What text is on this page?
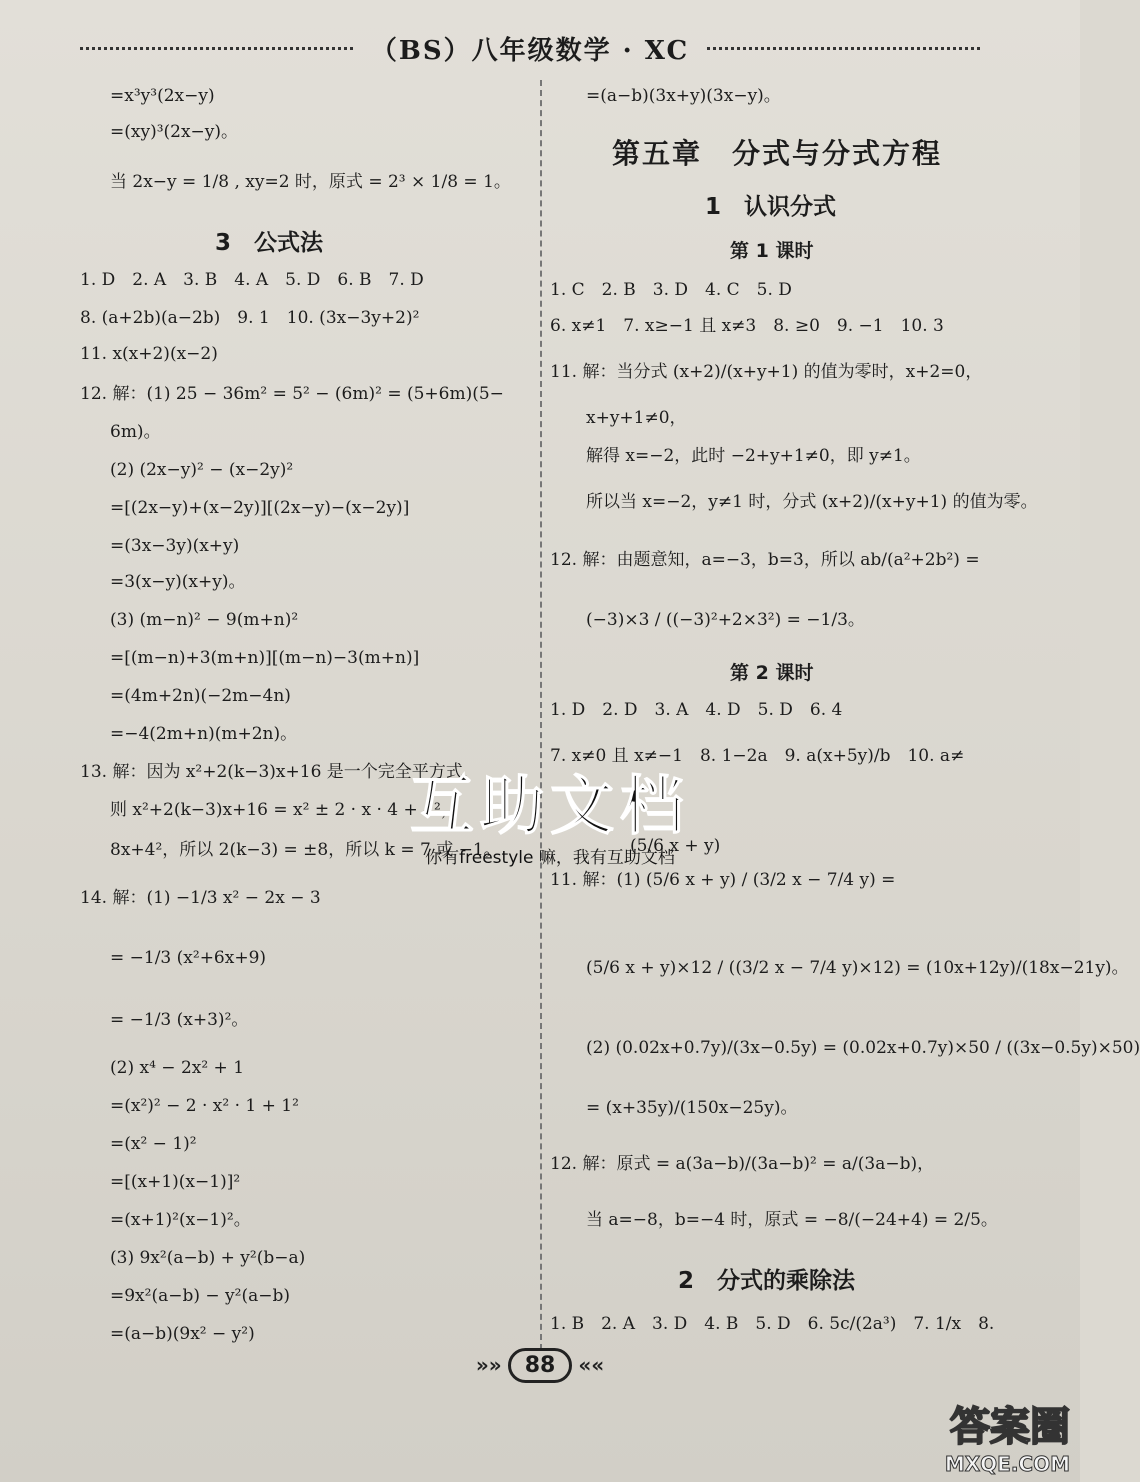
（BS）八年级数学 · XC
=x³y³(2x−y)
=(xy)³(2x−y)。
当 2x−y = 1/8 , xy=2 时，原式 = 2³ × 1/8 = 1。
3　公式法
1. D　2. A　3. B　4. A　5. D　6. B　7. D
8. (a+2b)(a−2b)　9. 1　10. (3x−3y+2)²
11. x(x+2)(x−2)
12. 解：(1) 25 − 36m² = 5² − (6m)² = (5+6m)(5−
6m)。
(2) (2x−y)² − (x−2y)²
=[(2x−y)+(x−2y)][(2x−y)−(x−2y)]
=(3x−3y)(x+y)
=3(x−y)(x+y)。
(3) (m−n)² − 9(m+n)²
=[(m−n)+3(m+n)][(m−n)−3(m+n)]
=(4m+2n)(−2m−4n)
=−4(2m+n)(m+2n)。
13. 解：因为 x²+2(k−3)x+16 是一个完全平方式，
则 x²+2(k−3)x+16 = x² ± 2 · x · 4 + 4²，
8x+4²，所以 2(k−3) = ±8，所以 k = 7 或 −1。
14. 解：(1) −1/3 x² − 2x − 3
= −1/3 (x²+6x+9)
= −1/3 (x+3)²。
(2) x⁴ − 2x² + 1
=(x²)² − 2 · x² · 1 + 1²
=(x² − 1)²
=[(x+1)(x−1)]²
=(x+1)²(x−1)²。
(3) 9x²(a−b) + y²(b−a)
=9x²(a−b) − y²(a−b)
=(a−b)(9x² − y²)
=(a−b)(3x+y)(3x−y)。
第五章　分式与分式方程
1　认识分式
第 1 课时
1. C　2. B　3. D　4. C　5. D
6. x≠1　7. x≥−1 且 x≠3　8. ≥0　9. −1　10. 3
11. 解：当分式 (x+2)/(x+y+1) 的值为零时，x+2=0，
x+y+1≠0，
解得 x=−2，此时 −2+y+1≠0，即 y≠1。
所以当 x=−2，y≠1 时，分式 (x+2)/(x+y+1) 的值为零。
12. 解：由题意知，a=−3，b=3，所以 ab/(a²+2b²) =
(−3)×3 / ((−3)²+2×3²) = −1/3。
第 2 课时
1. D　2. D　3. A　4. D　5. D　6. 4
7. x≠0 且 x≠−1　8. 1−2a　9. a(x+5y)/b　10. a≠
(5/6 x + y)
11. 解：(1) (5/6 x + y) / (3/2 x − 7/4 y) =
(5/6 x + y)×12 / ((3/2 x − 7/4 y)×12) = (10x+12y)/(18x−21y)。
(2) (0.02x+0.7y)/(3x−0.5y) = (0.02x+0.7y)×50 / ((3x−0.5y)×50)
= (x+35y)/(150x−25y)。
12. 解：原式 = a(3a−b)/(3a−b)² = a/(3a−b)，
当 a=−8，b=−4 时，原式 = −8/(−24+4) = 2/5。
2　分式的乘除法
1. B　2. A　3. D　4. B　5. D　6. 5c/(2a³)　7. 1/x　8.
互助文档
你有freestyle 嘛，我有互助文档
»»	88	««
答案圈
MXQE.COM
